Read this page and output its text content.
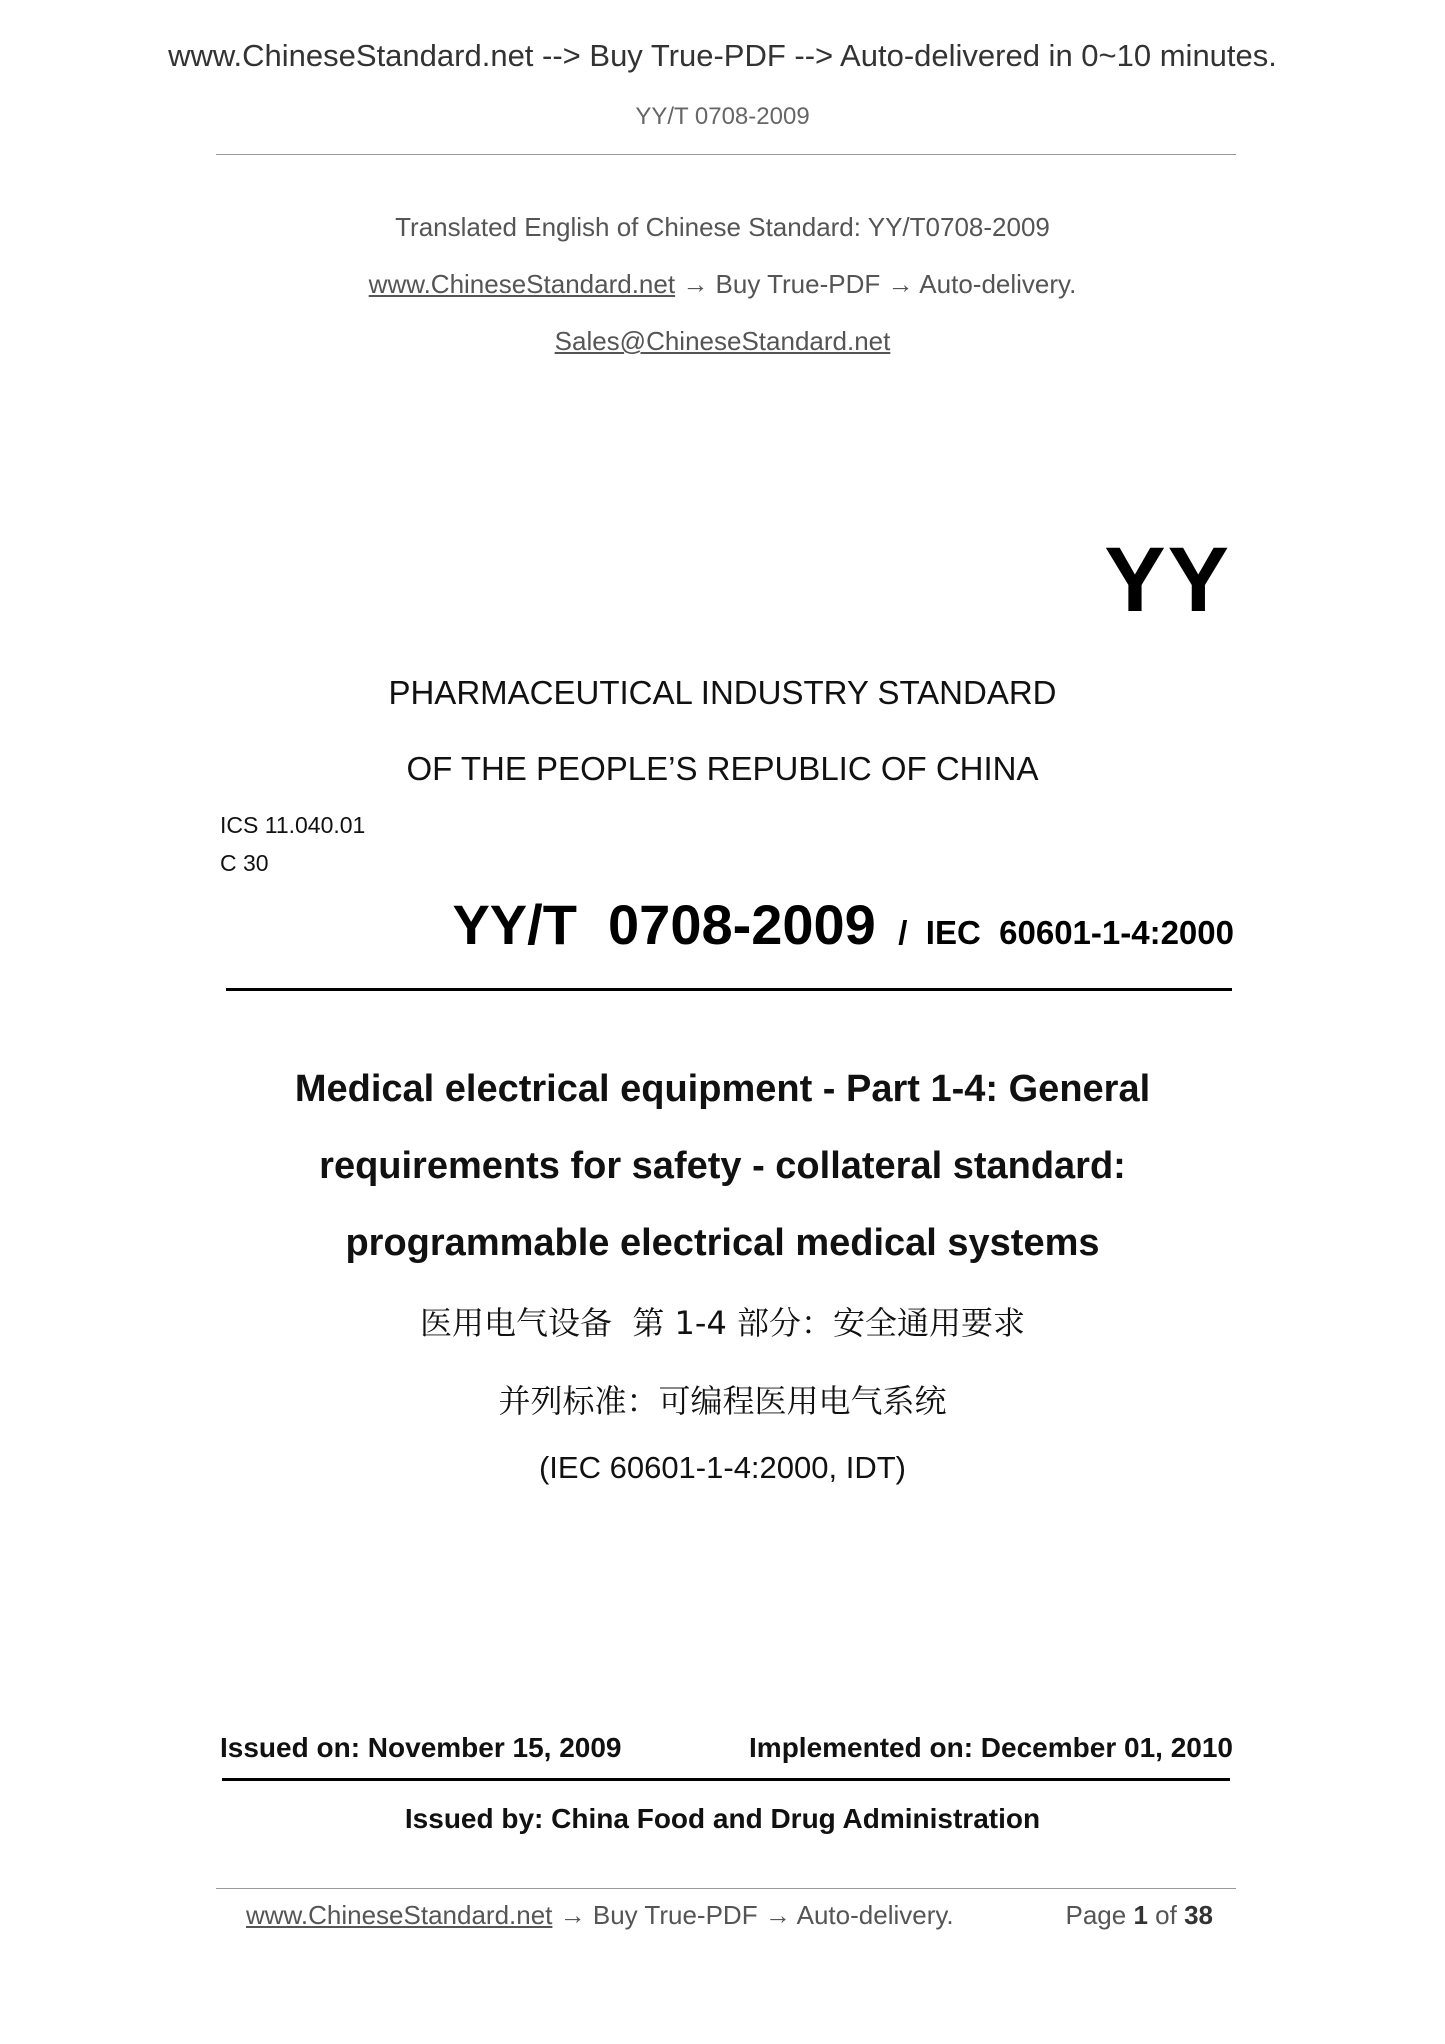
www.ChineseStandard.net --> Buy True-PDF --> Auto-delivered in 0~10 minutes.
YY/T 0708-2009
Translated English of Chinese Standard: YY/T0708-2009
www.ChineseStandard.net → Buy True-PDF → Auto-delivery.
Sales@ChineseStandard.net
YY
PHARMACEUTICAL INDUSTRY STANDARD
OF THE PEOPLE’S REPUBLIC OF CHINA
ICS 11.040.01
C 30
YY/T  0708-2009 /  IEC  60601-1-4:2000
Medical electrical equipment - Part 1-4: General
requirements for safety - collateral standard:
programmable electrical medical systems
医用电气设备  第 1-4 部分：安全通用要求
并列标准：可编程医用电气系统
(IEC 60601-1-4:2000, IDT)
Issued on: November 15, 2009	Implemented on: December 01, 2010
Issued by: China Food and Drug Administration
www.ChineseStandard.net → Buy True-PDF → Auto-delivery.	Page 1 of 38
